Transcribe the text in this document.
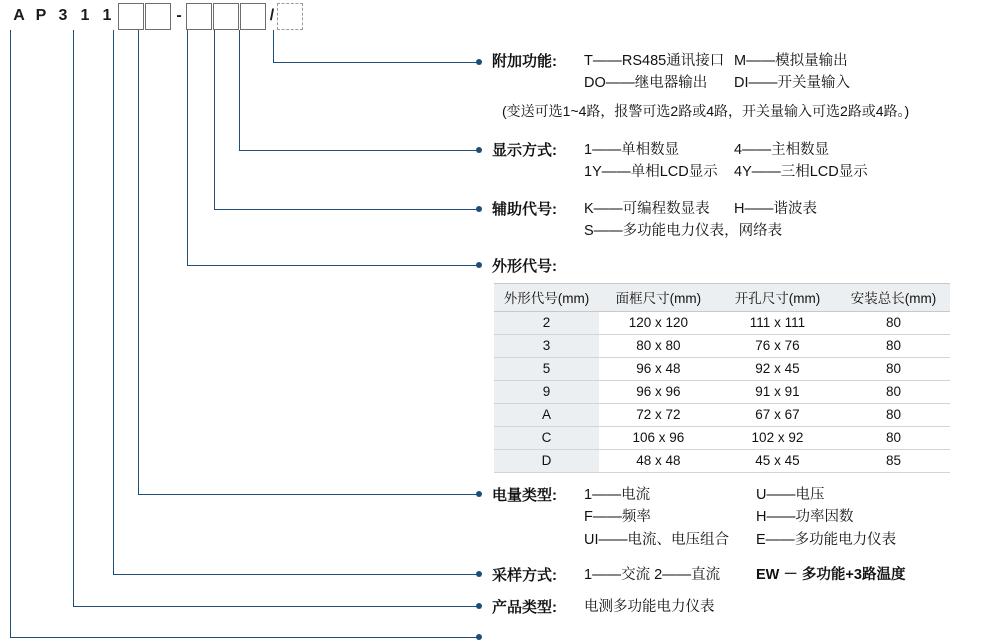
A P 3 1 1	-	/
附加功能:	T——RS485通讯接口 M——模拟量输出
DO——继电器输出	DI——开关量输入
(变送可选1~4路，报警可选2路或4路，开关量输入可选2路或4路。)
显示方式:	1——单相数显	4——主相数显
1Y——单相LCD显示	4Y——三相LCD显示
辅助代号:	K——可编程数显表	H——谐波表
S——多功能电力仪表，网络表
外形代号:
外形代号(mm)	面框尺寸(mm)	开孔尺寸(mm)	安装总长(mm)
2	120 x 120	111 x 111	80
3	80 x 80	76 x 76	80
5	96 x 48	92 x 45	80
9	96 x 96	91 x 91	80
A	72 x 72	67 x 67	80
C	106 x 96	102 x 92	80
D	48 x 48	45 x 45	85
电量类型:	1——电流	U——电压
F——频率	H——功率因数
UI——电流、电压组合	E——多功能电力仪表
采样方式:	1——交流 2——直流	EW － 多功能+3路温度
产品类型:	电测多功能电力仪表
